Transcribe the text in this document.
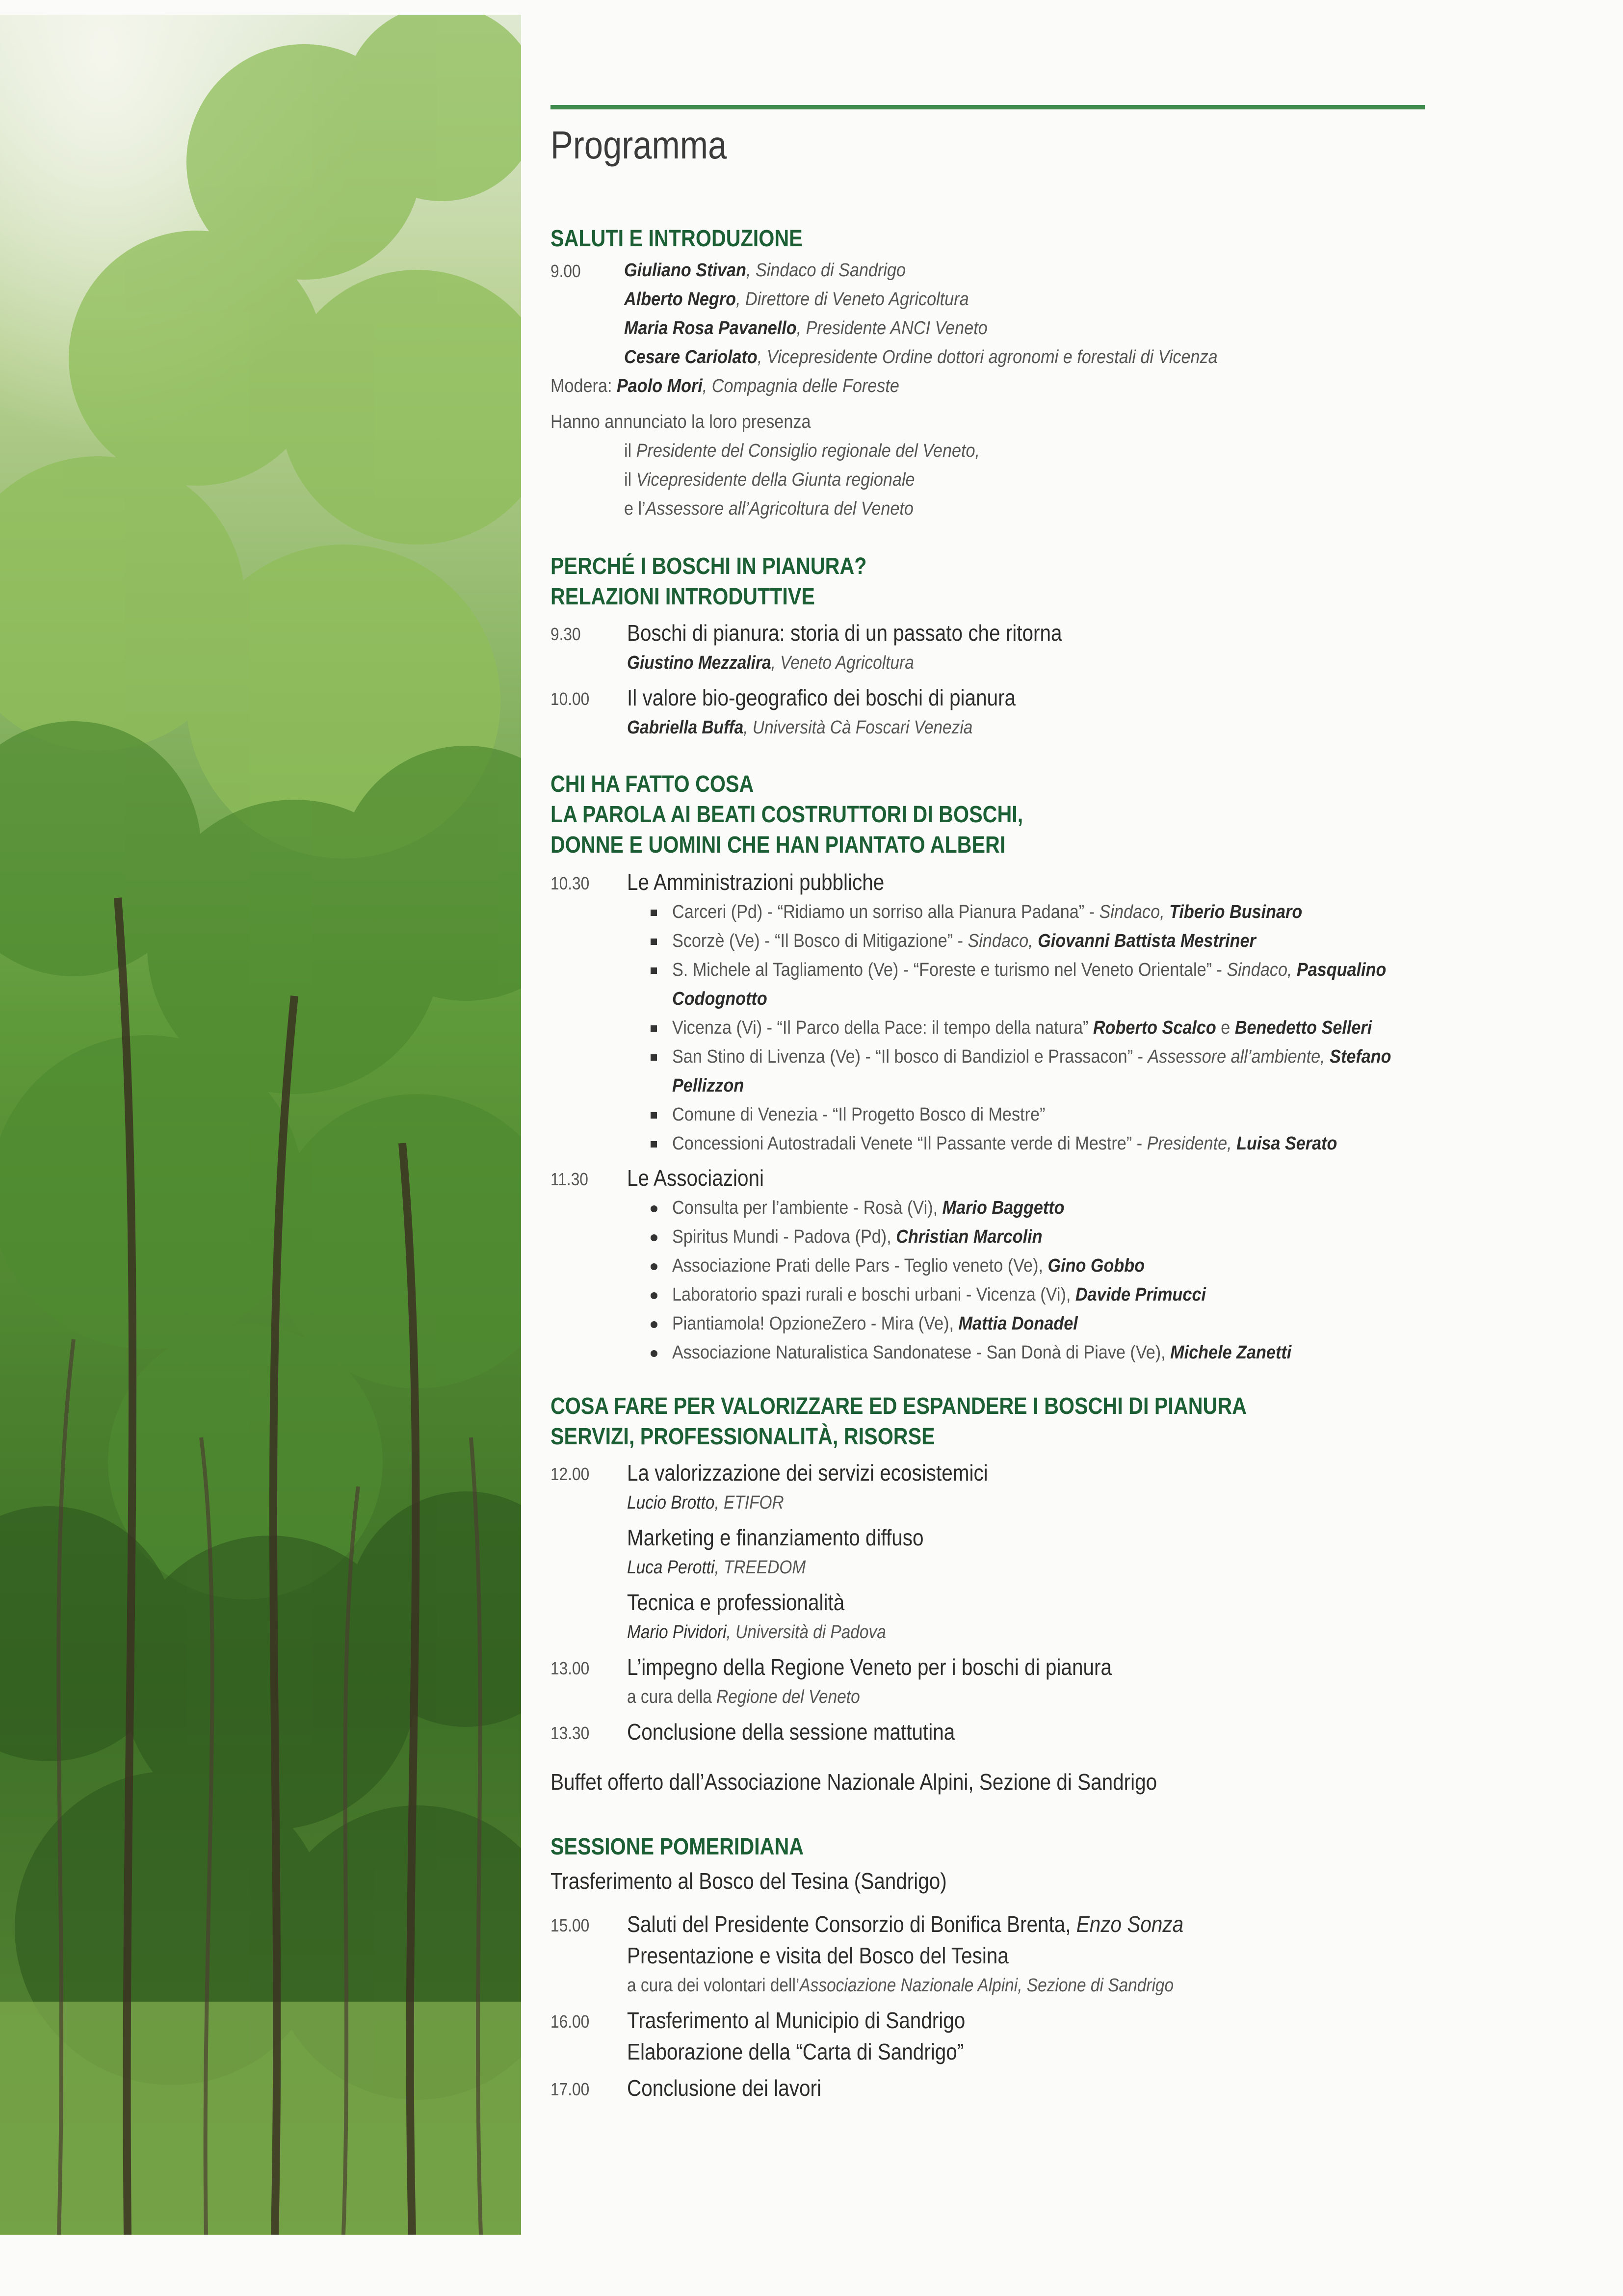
Programma
SALUTI E INTRODUZIONE
9.00 Giuliano Stivan, Sindaco di Sandrigo
Alberto Negro, Direttore di Veneto Agricoltura
Maria Rosa Pavanello, Presidente ANCI Veneto
Cesare Cariolato, Vicepresidente Ordine dottori agronomi e forestali di Vicenza
Modera: Paolo Mori, Compagnia delle Foreste
Hanno annunciato la loro presenza
il Presidente del Consiglio regionale del Veneto,
il Vicepresidente della Giunta regionale
e l’Assessore all’Agricoltura del Veneto
PERCHÉ I BOSCHI IN PIANURA?
RELAZIONI INTRODUTTIVE
9.30 Boschi di pianura: storia di un passato che ritorna
Giustino Mezzalira, Veneto Agricoltura
10.00 Il valore bio-geografico dei boschi di pianura
Gabriella Buffa, Università Cà Foscari Venezia
CHI HA FATTO COSA
LA PAROLA AI BEATI COSTRUTTORI DI BOSCHI,
DONNE E UOMINI CHE HAN PIANTATO ALBERI
10.30 Le Amministrazioni pubbliche
Carceri (Pd) - “Ridiamo un sorriso alla Pianura Padana” - Sindaco, Tiberio Businaro
Scorzè (Ve) - “Il Bosco di Mitigazione” - Sindaco, Giovanni Battista Mestriner
S. Michele al Tagliamento (Ve) - “Foreste e turismo nel Veneto Orientale” - Sindaco, Pasqualino
Codognotto
Vicenza (Vi) - “Il Parco della Pace: il tempo della natura” Roberto Scalco e Benedetto Selleri
San Stino di Livenza (Ve) - “Il bosco di Bandiziol e Prassacon” - Assessore all’ambiente, Stefano
Pellizzon
Comune di Venezia - “Il Progetto Bosco di Mestre”
Concessioni Autostradali Venete “Il Passante verde di Mestre” - Presidente, Luisa Serato
11.30 Le Associazioni
Consulta per l’ambiente - Rosà (Vi), Mario Baggetto
Spiritus Mundi - Padova (Pd), Christian Marcolin
Associazione Prati delle Pars - Teglio veneto (Ve), Gino Gobbo
Laboratorio spazi rurali e boschi urbani - Vicenza (Vi), Davide Primucci
Piantiamola! OpzioneZero - Mira (Ve), Mattia Donadel
Associazione Naturalistica Sandonatese - San Donà di Piave (Ve), Michele Zanetti
COSA FARE PER VALORIZZARE ED ESPANDERE I BOSCHI DI PIANURA
SERVIZI, PROFESSIONALITÀ, RISORSE
12.00 La valorizzazione dei servizi ecosistemici
Lucio Brotto, ETIFOR
Marketing e finanziamento diffuso
Luca Perotti, TREEDOM
Tecnica e professionalità
Mario Pividori, Università di Padova
13.00 L’impegno della Regione Veneto per i boschi di pianura
a cura della Regione del Veneto
13.30 Conclusione della sessione mattutina
Buffet offerto dall’Associazione Nazionale Alpini, Sezione di Sandrigo
SESSIONE POMERIDIANA
Trasferimento al Bosco del Tesina (Sandrigo)
15.00 Saluti del Presidente Consorzio di Bonifica Brenta, Enzo Sonza
Presentazione e visita del Bosco del Tesina
a cura dei volontari dell’Associazione Nazionale Alpini, Sezione di Sandrigo
16.00 Trasferimento al Municipio di Sandrigo
Elaborazione della “Carta di Sandrigo”
17.00 Conclusione dei lavori
